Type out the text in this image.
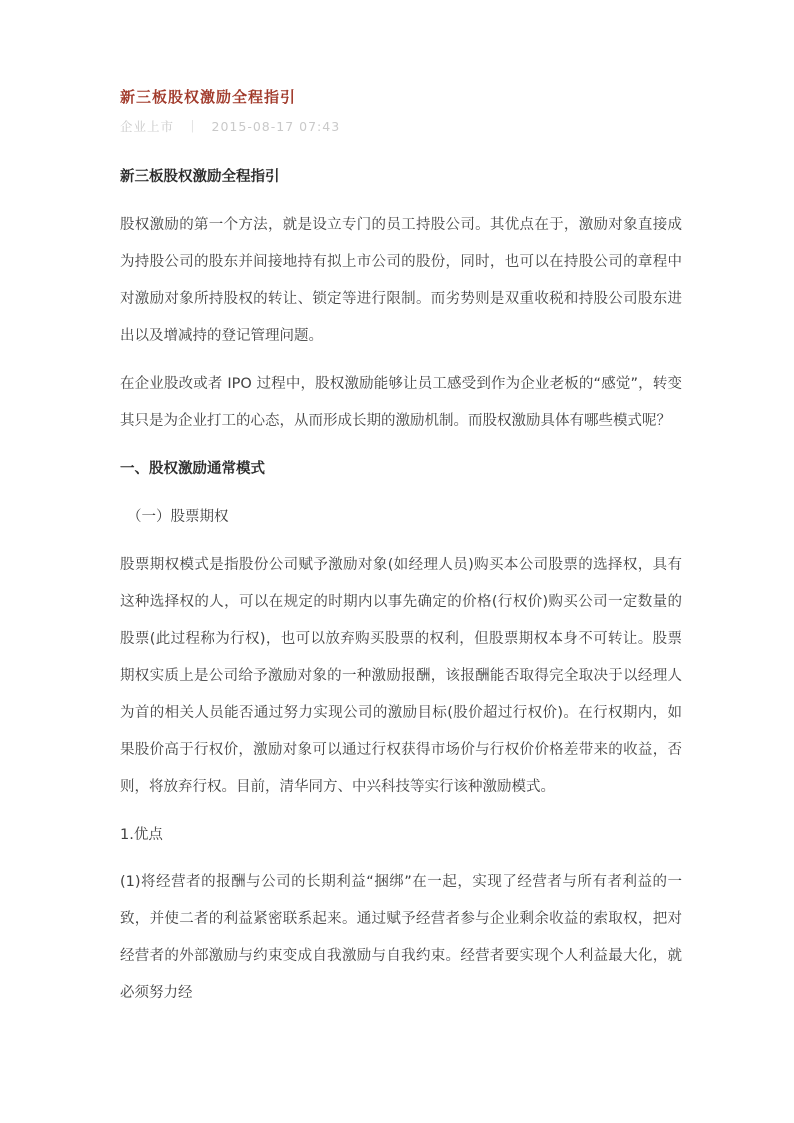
新三板股权激励全程指引
企业上市 ｜ 2015-08-17 07:43

新三板股权激励全程指引

股权激励的第一个方法，就是设立专门的员工持股公司。其优点在于，激励对象直接成为持股公司的股东并间接地持有拟上市公司的股份，同时，也可以在持股公司的章程中对激励对象所持股权的转让、锁定等进行限制。而劣势则是双重收税和持股公司股东进出以及增减持的登记管理问题。

在企业股改或者 IPO 过程中，股权激励能够让员工感受到作为企业老板的“感觉”，转变其只是为企业打工的心态，从而形成长期的激励机制。而股权激励具体有哪些模式呢？

一、股权激励通常模式

（一）股票期权

股票期权模式是指股份公司赋予激励对象(如经理人员)购买本公司股票的选择权，具有这种选择权的人，可以在规定的时期内以事先确定的价格(行权价)购买公司一定数量的股票(此过程称为行权)，也可以放弃购买股票的权利，但股票期权本身不可转让。股票期权实质上是公司给予激励对象的一种激励报酬，该报酬能否取得完全取决于以经理人为首的相关人员能否通过努力实现公司的激励目标(股价超过行权价)。在行权期内，如果股价高于行权价，激励对象可以通过行权获得市场价与行权价价格差带来的收益，否则，将放弃行权。目前，清华同方、中兴科技等实行该种激励模式。

1.优点

(1)将经营者的报酬与公司的长期利益“捆绑”在一起，实现了经营者与所有者利益的一致，并使二者的利益紧密联系起来。通过赋予经营者参与企业剩余收益的索取权，把对经营者的外部激励与约束变成自我激励与自我约束。经营者要实现个人利益最大化，就必须努力经
